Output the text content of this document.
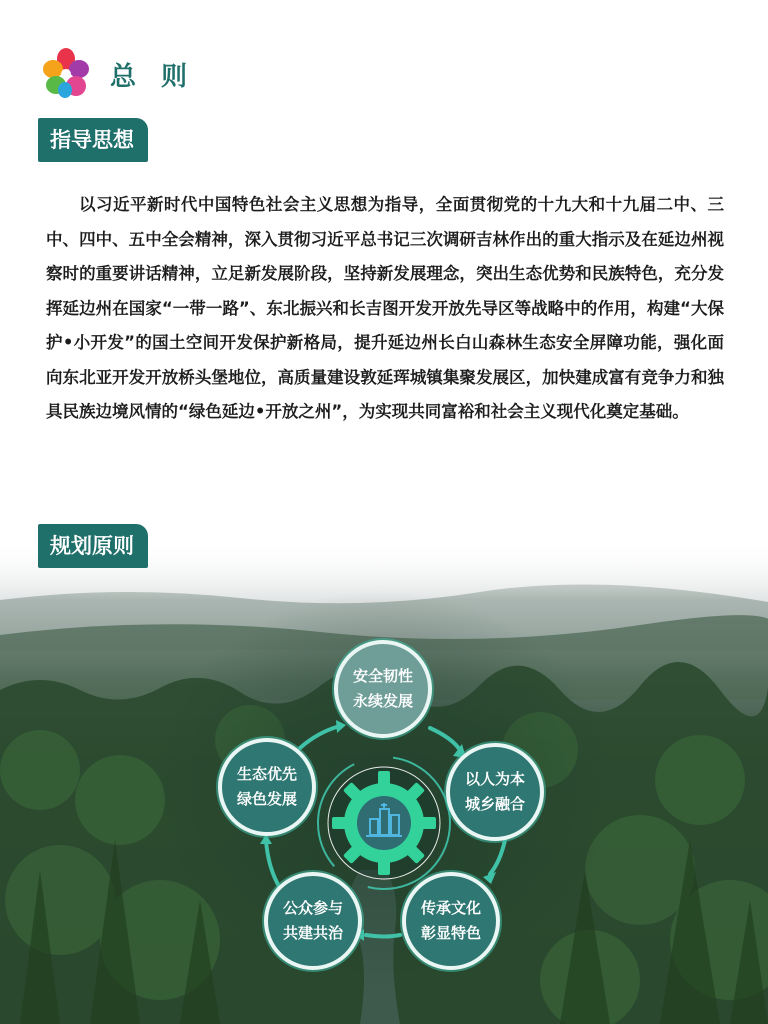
总 则
指导思想

以习近平新时代中国特色社会主义思想为指导，全面贯彻党的十九大和十九届二中、三中、四中、五中全会精神，深入贯彻习近平总书记三次调研吉林作出的重大指示及在延边州视察时的重要讲话精神，立足新发展阶段，坚持新发展理念，突出生态优势和民族特色，充分发挥延边州在国家“一带一路”、东北振兴和长吉图开发开放先导区等战略中的作用，构建“大保护•小开发”的国土空间开发保护新格局，提升延边州长白山森林生态安全屏障功能，强化面向东北亚开发开放桥头堡地位，高质量建设敦延珲城镇集聚发展区，加快建成富有竞争力和独具民族边境风情的“绿色延边•开放之州”，为实现共同富裕和社会主义现代化奠定基础。

规划原则
安全韧性
永续发展
以人为本
城乡融合
传承文化
彰显特色
公众参与
共建共治
生态优先
绿色发展
